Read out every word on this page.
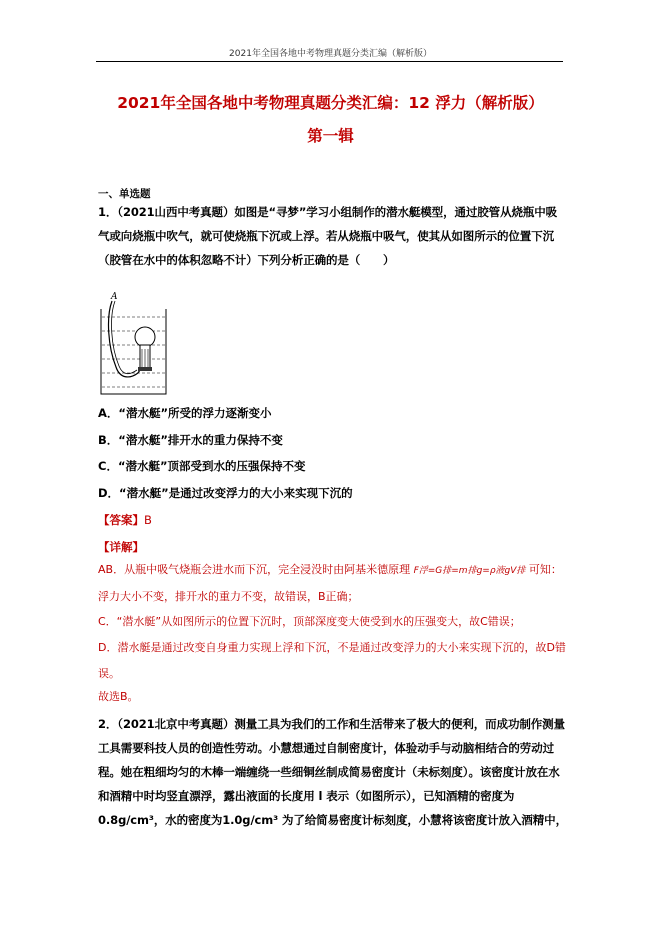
2021年全国各地中考物理真题分类汇编（解析版）
2021年全国各地中考物理真题分类汇编：12 浮力（解析版）
第一辑
一、单选题
1．（2021山西中考真题）如图是“寻梦”学习小组制作的潜水艇模型，通过胶管从烧瓶中吸气或向烧瓶中吹气，就可使烧瓶下沉或上浮。若从烧瓶中吸气，使其从如图所示的位置下沉（胶管在水中的体积忽略不计）下列分析正确的是（　　）
A
A．“潜水艇”所受的浮力逐渐变小
B．“潜水艇”排开水的重力保持不变
C．“潜水艇”顶部受到水的压强保持不变
D．“潜水艇”是通过改变浮力的大小来实现下沉的
【答案】B
【详解】
AB．从瓶中吸气烧瓶会进水而下沉，完全浸没时由阿基米德原理 F浮=G排=m排g=ρ液gV排 可知：浮力大小不变，排开水的重力不变，故错误，B正确；
C．“潜水艇”从如图所示的位置下沉时，顶部深度变大使受到水的压强变大，故C错误；
D．潜水艇是通过改变自身重力实现上浮和下沉，不是通过改变浮力的大小来实现下沉的，故D错误。
故选B。
2．（2021北京中考真题）测量工具为我们的工作和生活带来了极大的便利，而成功制作测量工具需要科技人员的创造性劳动。小慧想通过自制密度计，体验动手与动脑相结合的劳动过程。她在粗细均匀的木棒一端缠绕一些细铜丝制成简易密度计（未标刻度）。该密度计放在水和酒精中时均竖直漂浮，露出液面的长度用 l 表示（如图所示），已知酒精的密度为0.8g/cm³，水的密度为1.0g/cm³ 为了给简易密度计标刻度，小慧将该密度计放入酒精中，
